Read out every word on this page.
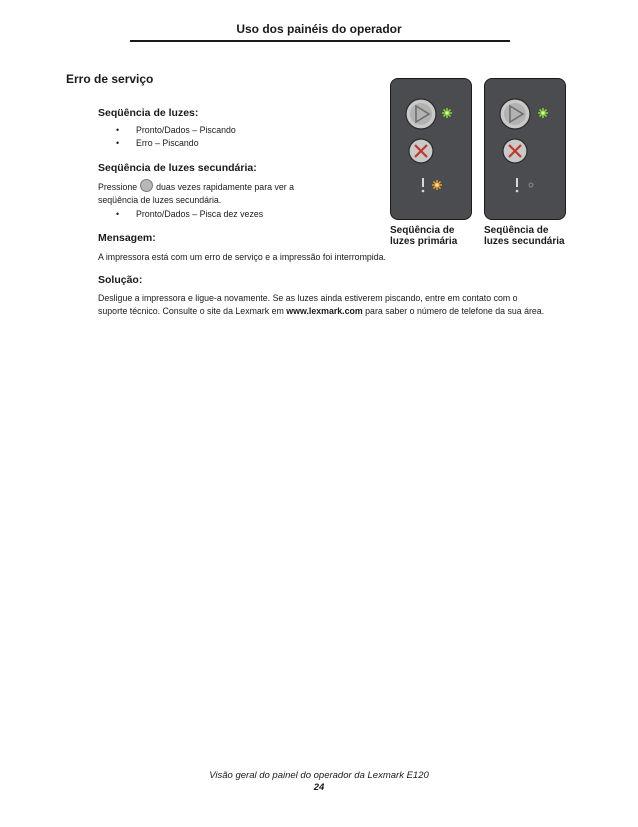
Uso dos painéis do operador
Erro de serviço
Seqüência de luzes:
• Pronto/Dados – Piscando
• Erro – Piscando
Seqüência de luzes secundária:
Pressione duas vezes rapidamente para ver a
seqüência de luzes secundária.
• Pronto/Dados – Pisca dez vezes
Mensagem:
A impressora está com um erro de serviço e a impressão foi interrompida.
Solução:
Desligue a impressora e ligue-a novamente. Se as luzes ainda estiverem piscando, entre em contato com o
suporte técnico. Consulte o site da Lexmark em www.lexmark.com para saber o número de telefone da sua área.
Seqüência de
luzes primária
Seqüência de
luzes secundária
Visão geral do painel do operador da Lexmark E120
24
